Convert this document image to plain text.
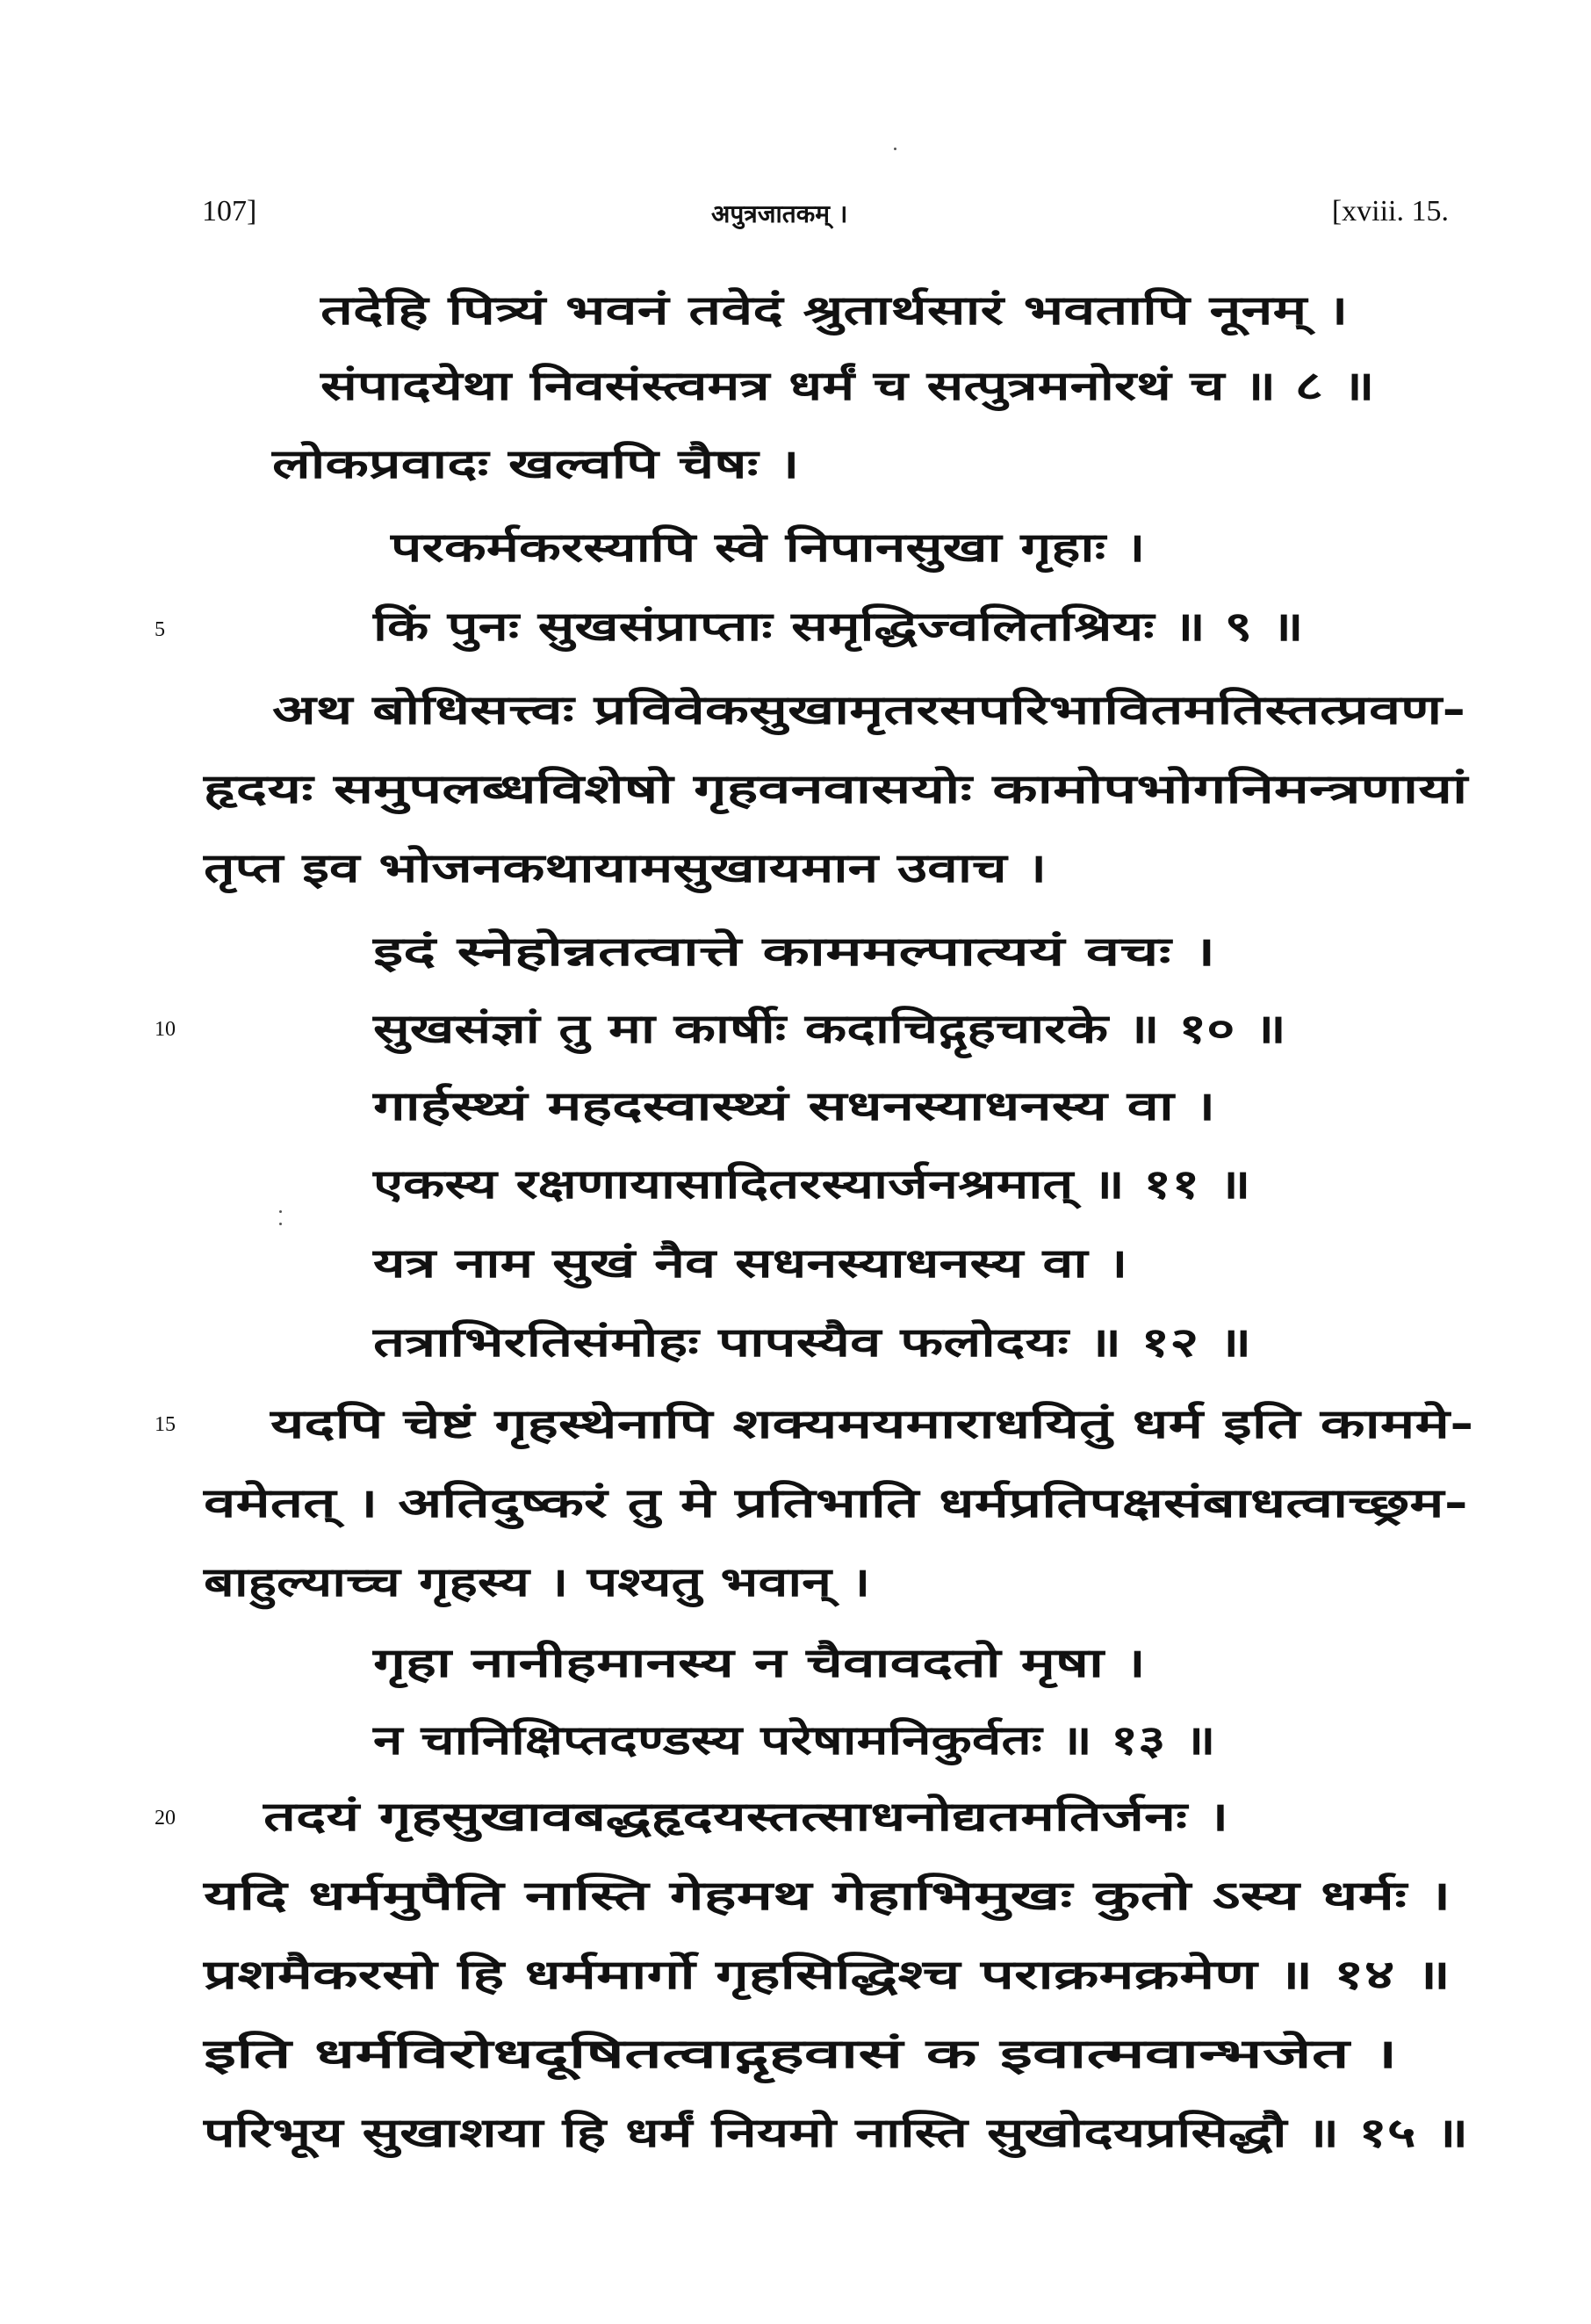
107]	अपुत्रजातकम् ।	[xviii. 15.
तदेहि पित्र्यं भवनं तवेदं श्रुतार्थसारं भवतापि नूनम् ।
संपादयेथा निवसंस्त्वमत्र धर्मं च सत्पुत्रमनोरथं च ॥ ८ ॥
लोकप्रवादः खल्वपि चैषः ।
परकर्मकरस्यापि स्वे निपानसुखा गृहाः ।
5	किं पुनः सुखसंप्राप्ताः समृद्धिज्वलितश्रियः ॥ ९ ॥
अथ बोधिसत्त्वः प्रविवेकसुखामृतरसपरिभावितमतिस्तत्प्रवण-
हृदयः समुपलब्धविशेषो गृहवनवासयोः कामोपभोगनिमन्त्रणायां
तृप्त इव भोजनकथायामसुखायमान उवाच ।
इदं स्नेहोन्नतत्वात्ते काममल्पात्ययं वचः ।
10	सुखसंज्ञां तु मा कार्षीः कदाचिद्गृहचारके ॥ १० ॥
गार्हस्थ्यं महदस्वास्थ्यं सधनस्याधनस्य वा ।
एकस्य रक्षणायासादितरस्यार्जनश्रमात् ॥ ११ ॥
यत्र नाम सुखं नैव सधनस्याधनस्य वा ।
तत्राभिरतिसंमोहः पापस्यैव फलोदयः ॥ १२ ॥
15 यदपि चेष्टं गृहस्थेनापि शक्यमयमाराधयितुं धर्म इति काममे-
वमेतत् । अतिदुष्करं तु मे प्रतिभाति धर्मप्रतिपक्षसंबाधत्वाच्छ्रम-
बाहुल्याच्च गृहस्य । पश्यतु भवान् ।
गृहा नानीहमानस्य न चैवावदतो मृषा ।
न चानिक्षिप्तदण्डस्य परेषामनिकुर्वतः ॥ १३ ॥
20 तदयं गृहसुखावबद्धहृदयस्तत्साधनोद्यतमतिर्जनः ।
यदि धर्ममुपैति नास्ति गेहमथ गेहाभिमुखः कुतो ऽस्य धर्मः ।
प्रशमैकरसो हि धर्ममार्गो गृहसिद्धिश्च पराक्रमक्रमेण ॥ १४ ॥
इति धर्मविरोधदूषितत्वाद्गृहवासं क इवात्मवान्भजेत ।
परिभूय सुखाशया हि धर्मं नियमो नास्ति सुखोदयप्रसिद्धौ ॥ १५ ॥
